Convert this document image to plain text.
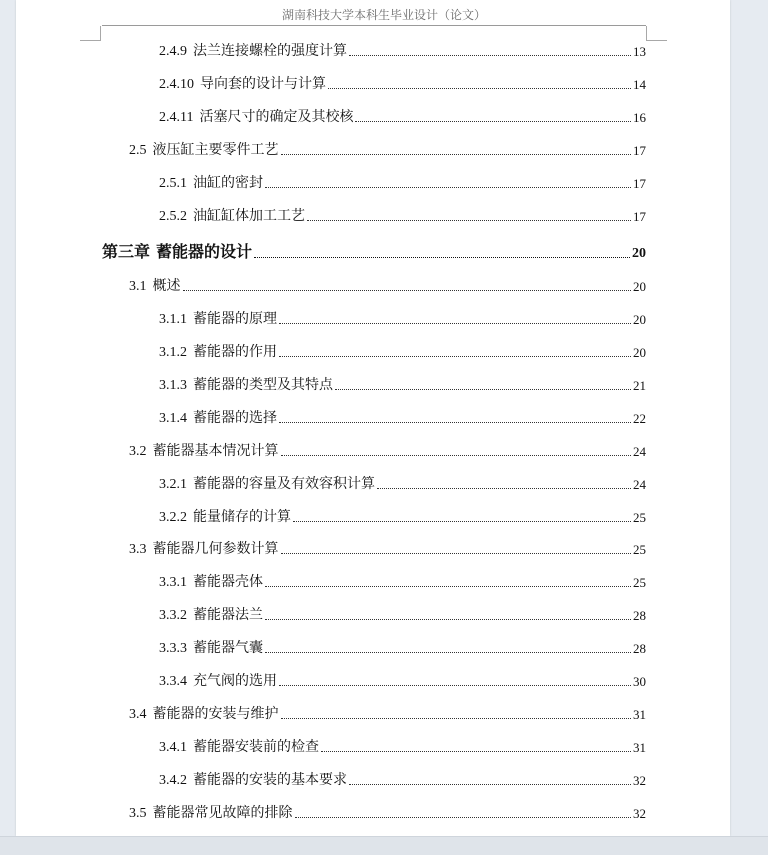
湖南科技大学本科生毕业设计（论文）
2.4.9 法兰连接螺栓的强度计算	13
2.4.10 导向套的设计与计算	14
2.4.11 活塞尺寸的确定及其校核	16
2.5 液压缸主要零件工艺	17
2.5.1 油缸的密封	17
2.5.2 油缸缸体加工工艺	17
第三章 蓄能器的设计	20
3.1 概述	20
3.1.1 蓄能器的原理	20
3.1.2 蓄能器的作用	20
3.1.3 蓄能器的类型及其特点	21
3.1.4 蓄能器的选择	22
3.2 蓄能器基本情况计算	24
3.2.1 蓄能器的容量及有效容积计算	24
3.2.2 能量储存的计算	25
3.3 蓄能器几何参数计算	25
3.3.1 蓄能器壳体	25
3.3.2 蓄能器法兰	28
3.3.3 蓄能器气囊	28
3.3.4 充气阀的选用	30
3.4 蓄能器的安装与维护	31
3.4.1 蓄能器安装前的检查	31
3.4.2 蓄能器的安装的基本要求	32
3.5 蓄能器常见故障的排除	32
